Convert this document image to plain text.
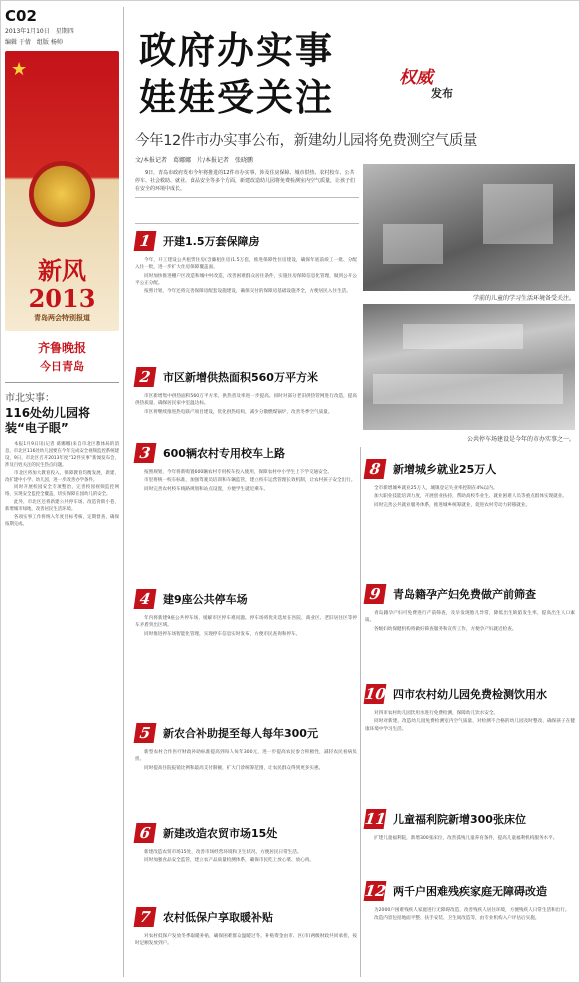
C02
2013年1月10日　星期四
编辑 于倩　组版 杨帅
★
新风2013
青岛两会特别报道
齐鲁晚报
今日青岛
市北实事：
116处幼儿园将装“电子眼”

本报1月9日讯(记者 葛娜娜)来自市北区教体局的消息，市北区116处幼儿园要在今年完成安全视频监控系统建设，9日，市北区召开2013年度“12件实事”新闻发布会，涉及百姓关注的民生热点问题。

市北区将加大教育投入，保障教育均衡发展，新建、改扩建中小学、幼儿园，进一步改善办学条件。

同时开展校园安全专项整治，完善校园视频监控网络，实现安全监控全覆盖，切实保障在园幼儿的安全。

此外，市北区还将新建公共停车场、改造背街小巷、新增城市绿地，改善居民生活环境。

各项实事工作将纳入年度目标考核，定期督查，确保按期完成。

政府办实事
娃娃受关注	权威
发布
今年12件市办实事公布，新建幼儿园将免费测空气质量
文/本报记者　葛娜娜　片/本报记者　张晓鹏
9日，青岛市政府发布今年将推进的12件市办实事，涉及住房保障、城市供热、农村校车、公共停车、社会救助、就业、食品安全等多个方面，新建改造幼儿园将免费检测室内空气质量，让孩子们在安全的环境中成长。
学前的儿童的学习生活环境备受关注。
公共停车场建设是今年的市办实事之一。
1	开建1.5万套保障房

今年，开工建设公共租赁住房(含廉租住房)1.5万套，推进保障性住房建设，确保年底前竣工一批、分配入住一批，进一步扩大住房保障覆盖面。

同时加快推进棚户区改造和城中村改造，改善困难群众居住条件，实施住房保障信息化管理，做到公开公平公正分配。

按照计划，今年还将完善保障房配套设施建设，确保交付的保障房基础设施齐全，方便居民入住生活。

2	市区新增供热面积560万平方米

市区新增集中供热面积560万平方米，供热普及率进一步提高。同时对部分老旧供热管网进行改造，提高供热质量，确保居民家中室温达标。

市区将继续推进热电联产项目建设，优化供热结构，减少分散燃煤锅炉，改善冬季空气质量。

3	600辆农村专用校车上路

按照规划，今年将新购置600辆农村专用校车投入使用，保障农村中小学生上下学交通安全。

市里将统一校车标准，加强驾驶员培训和车辆监管，建立校车运营管理长效机制，让农村孩子安全出行。

同时完善农村校车线路规划和站点设置，方便学生就近乘车。

4	建9座公共停车场

年内将新建9座公共停车场，缓解市区停车难问题。停车场将优先选址在医院、商业区、老旧居住区等停车矛盾突出区域。

同时推进停车场智能化管理，实现停车信息实时发布，方便市民查询和停车。

5	新农合补助提至每人每年300元

新型农村合作医疗财政补助标准提高到每人每年300元，进一步提高农民参合积极性，减轻农民看病负担。

同时提高住院报销比例和最高支付限额，扩大门诊统筹范围，让农民群众得到更多实惠。

6	新建改造农贸市场15处

新建改造农贸市场15处，改善市场经营环境和卫生状况，方便居民日常生活。

同时加强食品安全监管，建立农产品质量检测体系，确保市民吃上放心菜、放心肉。

7	农村低保户享取暖补贴

对农村低保户发放冬季取暖补贴，确保困难群众温暖过冬。补贴资金由市、区(市)两级财政共同承担，按时足额发放到户。

8	新增城乡就业25万人

全市新增城乡就业25万人，城镇登记失业率控制在4%以内。

加大职业技能培训力度，开展创业扶持，帮助高校毕业生、就业困难人员等重点群体实现就业。

同时完善公共就业服务体系，推进城乡统筹就业，促进农村劳动力转移就业。

9	青岛籍孕产妇免费做产前筛查

青岛籍孕产妇可免费进行产前筛查，及早发现胎儿异常，降低出生缺陷发生率，提高出生人口素质。

各级妇幼保健机构将做好筛查服务和宣传工作，方便孕产妇就近检查。

10 四市农村幼儿园免费检测饮用水

对四市农村幼儿园饮用水进行免费检测，保障幼儿饮水安全。

同时对新建、改造幼儿园免费检测室内空气质量，对检测不合格的幼儿园及时整改，确保孩子在健康环境中学习生活。

11 儿童福利院新增300张床位

扩建儿童福利院，新增300张床位，改善孤残儿童养育条件，提高儿童福利机构服务水平。

12 两千户困难残疾家庭无障碍改造

为2000户困难残疾人家庭进行无障碍改造，改善残疾人居住环境，方便残疾人日常生活和出行。

改造内容包括地面平整、扶手安装、卫生间改造等，由专业机构入户评估后实施。
